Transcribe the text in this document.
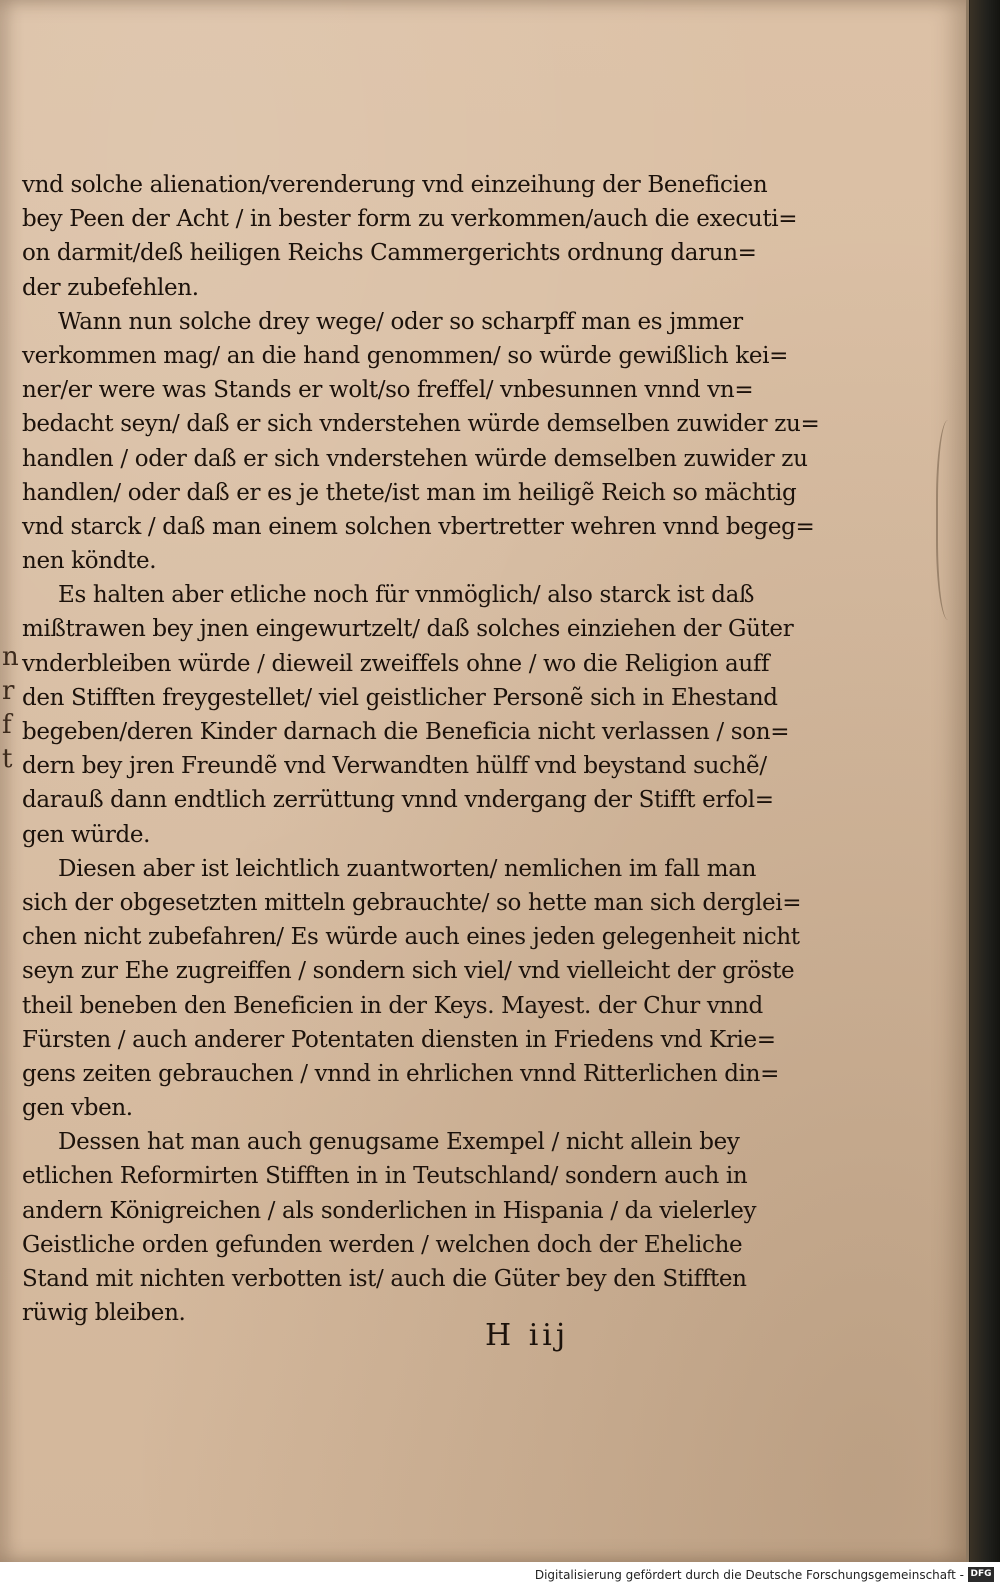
n
r
f
t
vnd solche alienation/verenderung vnd einzeihung der Beneficien
bey Peen der Acht / in bester form zu verkommen/auch die executi=
on darmit/deß heiligen Reichs Cammergerichts ordnung darun=
der zubefehlen.
Wann nun solche drey wege/ oder so scharpff man es jmmer
verkommen mag/ an die hand genommen/ so würde gewißlich kei=
ner/er were was Stands er wolt/so freffel/ vnbesunnen vnnd vn=
bedacht seyn/ daß er sich vnderstehen würde demselben zuwider zu=
handlen / oder daß er sich vnderstehen würde demselben zuwider zu
handlen/ oder daß er es je thete/ist man im heiligẽ Reich so mächtig
vnd starck / daß man einem solchen vbertretter wehren vnnd begeg=
nen köndte.
Es halten aber etliche noch für vnmöglich/ also starck ist daß
mißtrawen bey jnen eingewurtzelt/ daß solches einziehen der Güter
vnderbleiben würde / dieweil zweiffels ohne / wo die Religion auff
den Stifften freygestellet/ viel geistlicher Personẽ sich in Ehestand
begeben/deren Kinder darnach die Beneficia nicht verlassen / son=
dern bey jren Freundẽ vnd Verwandten hülff vnd beystand suchẽ/
darauß dann endtlich zerrüttung vnnd vndergang der Stifft erfol=
gen würde.
Diesen aber ist leichtlich zuantworten/ nemlichen im fall man
sich der obgesetzten mitteln gebrauchte/ so hette man sich derglei=
chen nicht zubefahren/ Es würde auch eines jeden gelegenheit nicht
seyn zur Ehe zugreiffen / sondern sich viel/ vnd vielleicht der gröste
theil beneben den Beneficien in der Keys. Mayest. der Chur vnnd
Fürsten / auch anderer Potentaten diensten in Friedens vnd Krie=
gens zeiten gebrauchen / vnnd in ehrlichen vnnd Ritterlichen din=
gen vben.
Dessen hat man auch genugsame Exempel / nicht allein bey
etlichen Reformirten Stifften in in Teutschland/ sondern auch in
andern Königreichen / als sonderlichen in Hispania / da vielerley
Geistliche orden gefunden werden / welchen doch der Eheliche
Stand mit nichten verbotten ist/ auch die Güter bey den Stifften
rüwig bleiben.
H iij
Digitalisierung gefördert durch die Deutsche Forschungsgemeinschaft - DFG
